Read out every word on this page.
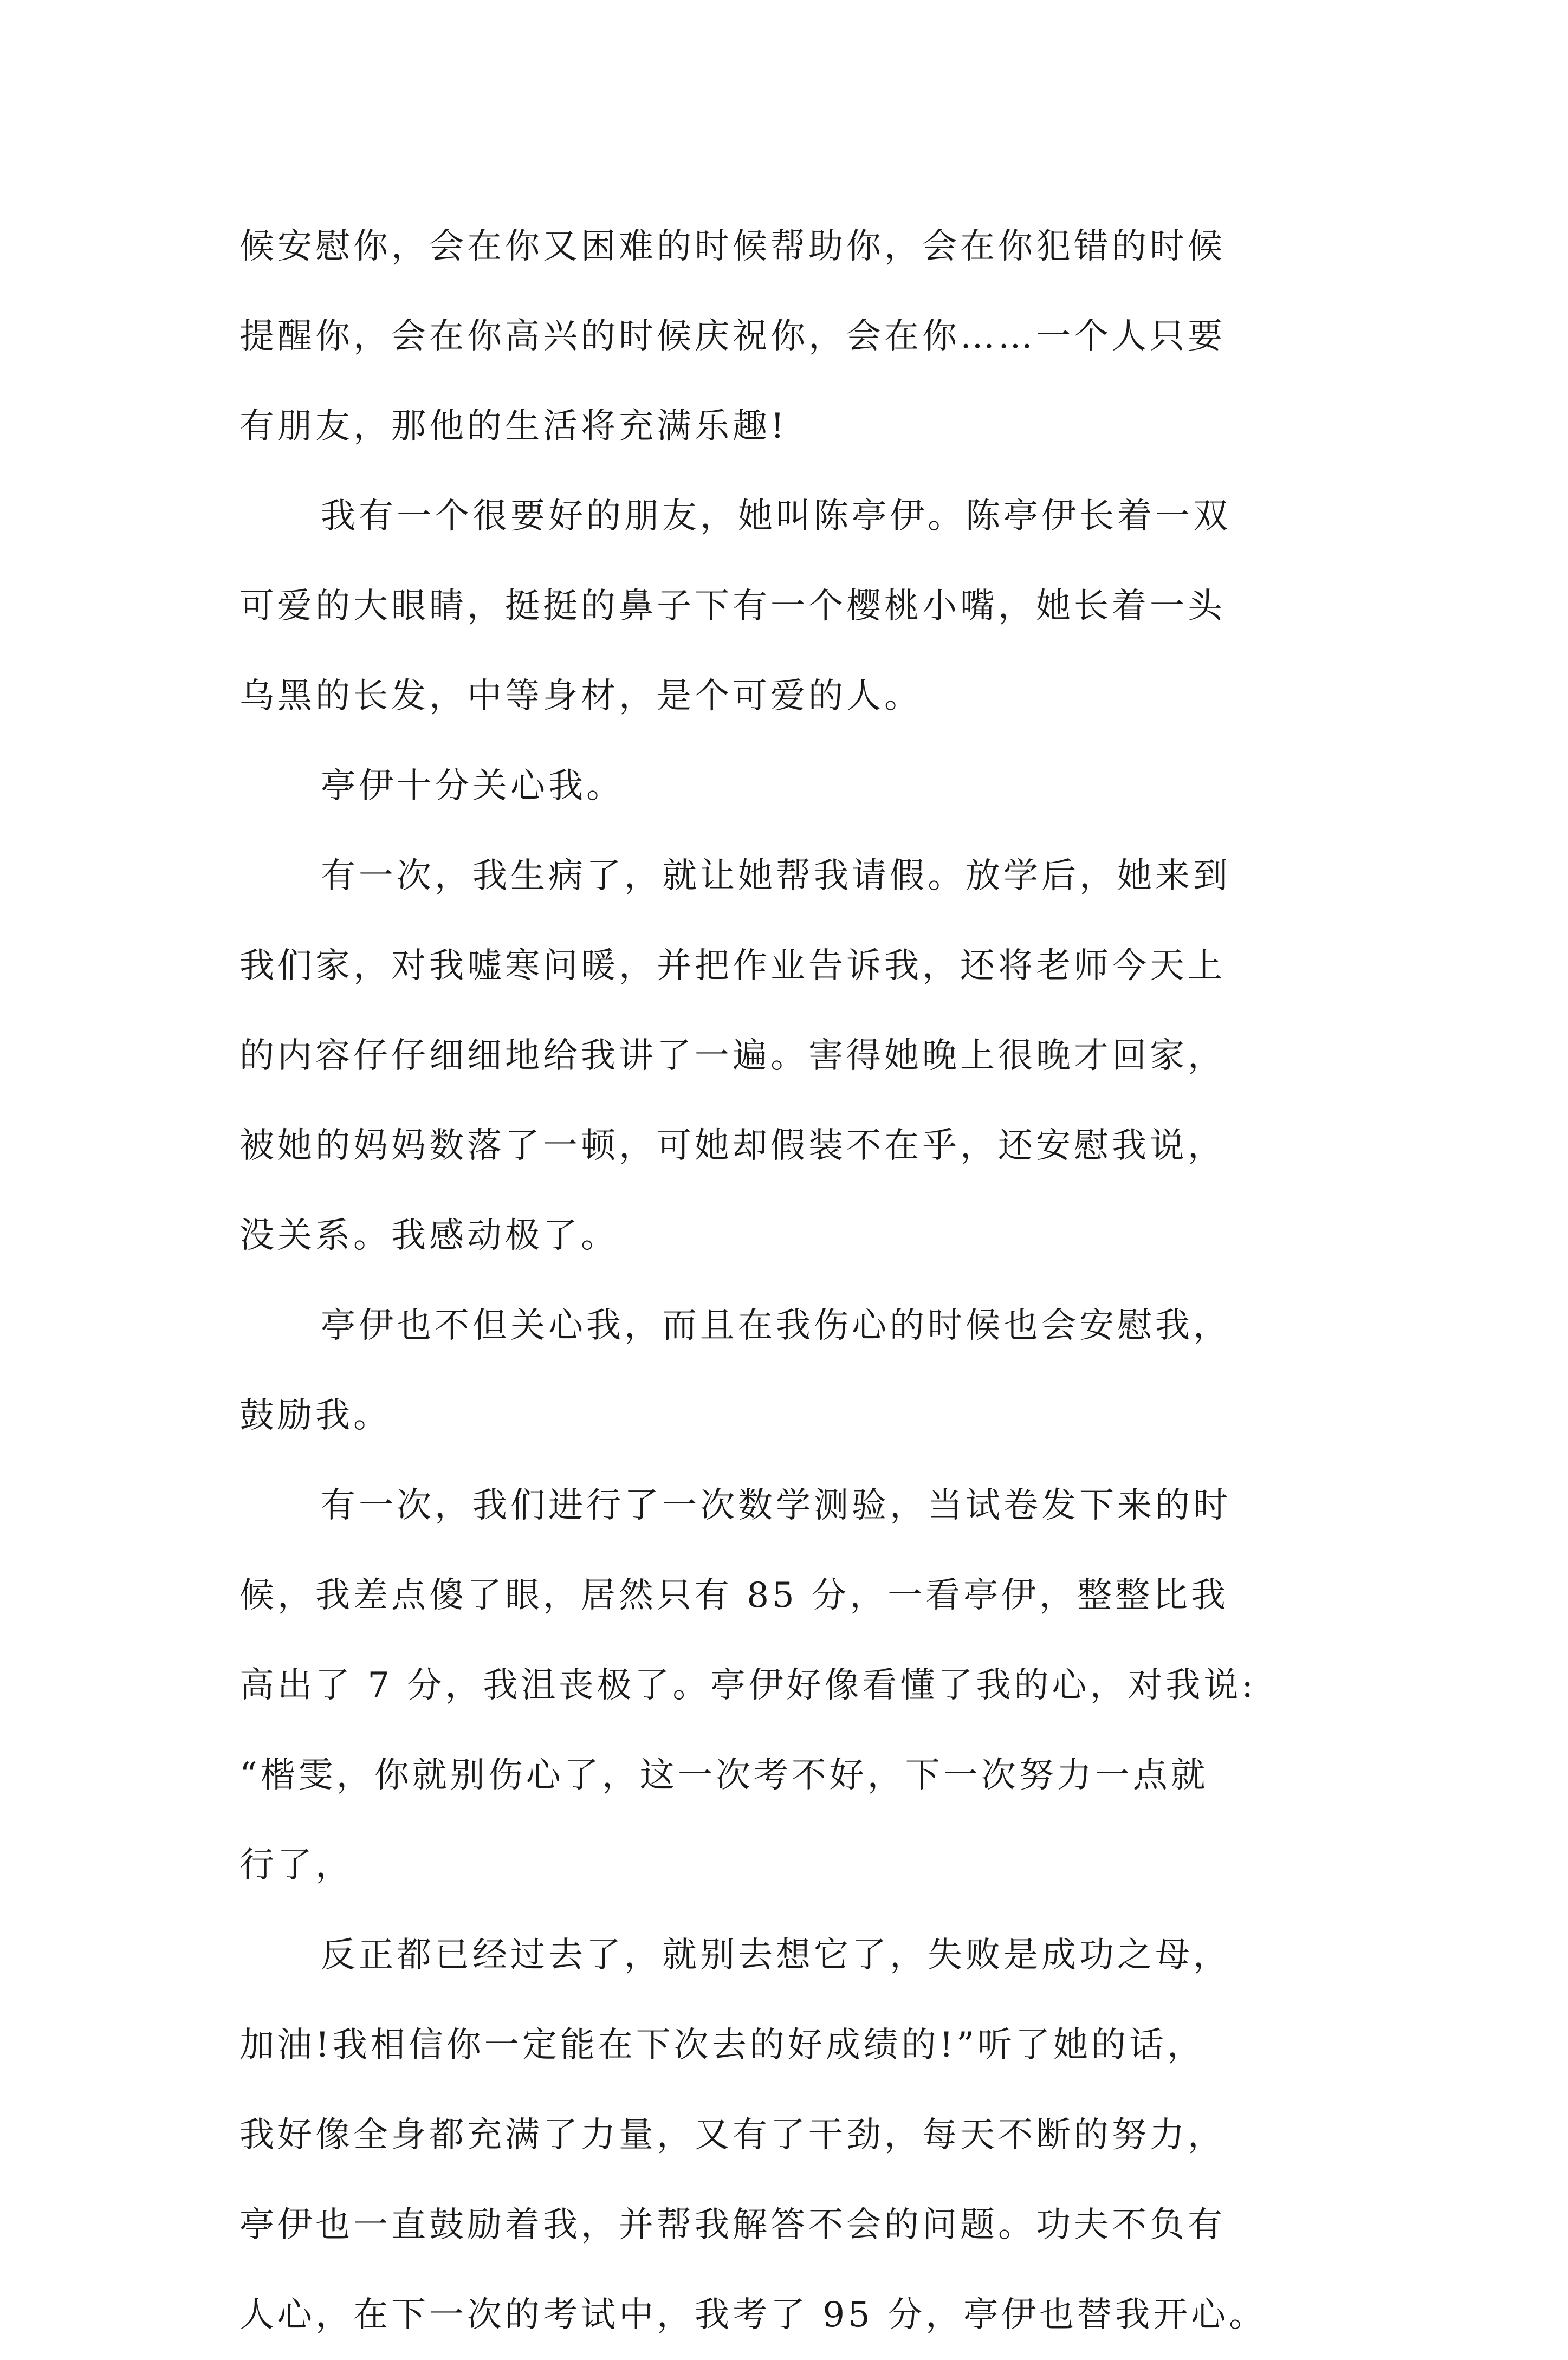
候安慰你，会在你又困难的时候帮助你，会在你犯错的时候
提醒你，会在你高兴的时候庆祝你，会在你……一个人只要
有朋友，那他的生活将充满乐趣!
我有一个很要好的朋友，她叫陈亭伊。陈亭伊长着一双
可爱的大眼睛，挺挺的鼻子下有一个樱桃小嘴，她长着一头
乌黑的长发，中等身材，是个可爱的人。
亭伊十分关心我。
有一次，我生病了，就让她帮我请假。放学后，她来到
我们家，对我嘘寒问暖，并把作业告诉我，还将老师今天上
的内容仔仔细细地给我讲了一遍。害得她晚上很晚才回家，
被她的妈妈数落了一顿，可她却假装不在乎，还安慰我说，
没关系。我感动极了。
亭伊也不但关心我，而且在我伤心的时候也会安慰我，
鼓励我。
有一次，我们进行了一次数学测验，当试卷发下来的时
候，我差点傻了眼，居然只有 85 分，一看亭伊，整整比我
高出了 7 分，我沮丧极了。亭伊好像看懂了我的心，对我说:
“楷雯，你就别伤心了，这一次考不好，下一次努力一点就
行了，
反正都已经过去了，就别去想它了，失败是成功之母，
加油!我相信你一定能在下次去的好成绩的!”听了她的话，
我好像全身都充满了力量，又有了干劲，每天不断的努力，
亭伊也一直鼓励着我，并帮我解答不会的问题。功夫不负有
人心，在下一次的考试中，我考了 95 分，亭伊也替我开心。
